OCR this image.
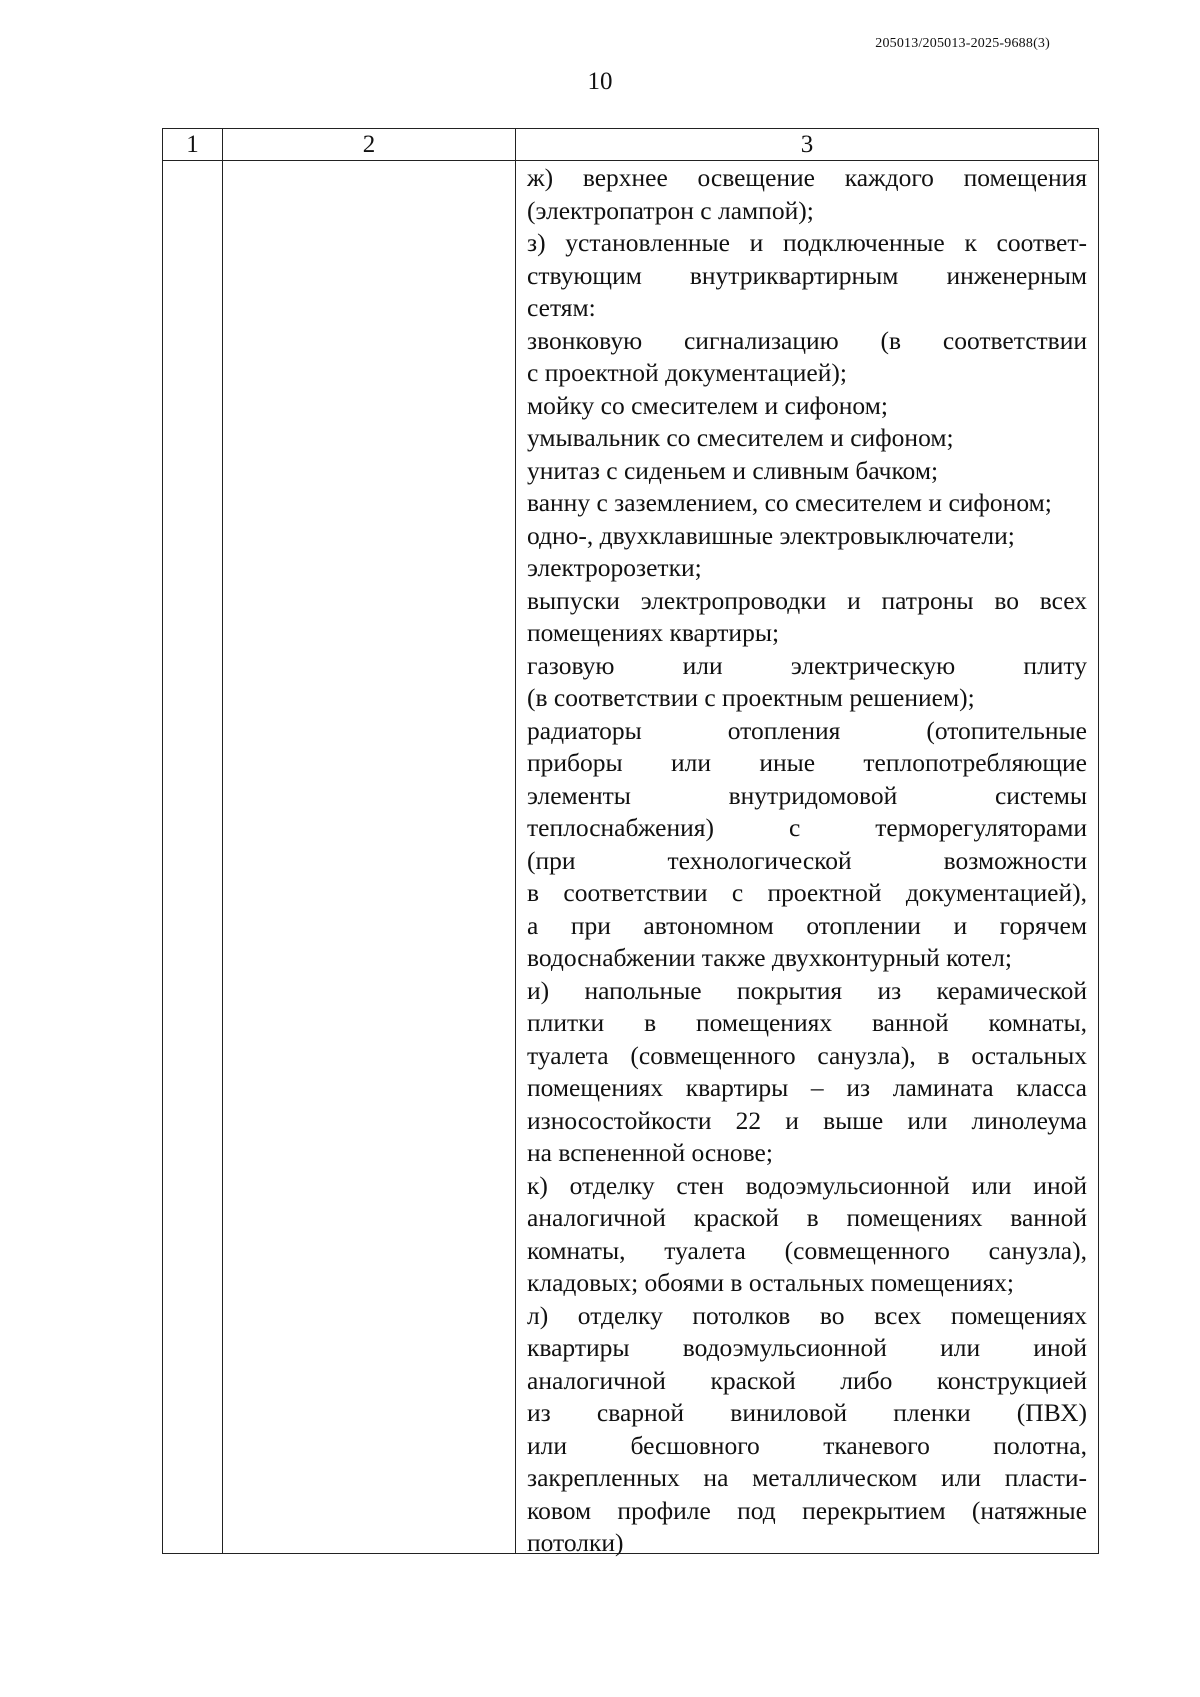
205013/205013-2025-9688(3)
10
1	2	3
ж) верхнее освещение каждого помещения
(электропатрон с лампой);
з) установленные и подключенные к соответ-
ствующим внутриквартирным инженерным
сетям:
звонковую сигнализацию (в соответствии
с проектной документацией);
мойку со смесителем и сифоном;
умывальник со смесителем и сифоном;
унитаз с сиденьем и сливным бачком;
ванну с заземлением, со смесителем и сифоном;
одно-, двухклавишные электровыключатели;
электророзетки;
выпуски электропроводки и патроны во всех
помещениях квартиры;
газовую или электрическую плиту
(в соответствии с проектным решением);
радиаторы отопления (отопительные
приборы или иные теплопотребляющие
элементы внутридомовой системы
теплоснабжения) с терморегуляторами
(при технологической возможности
в соответствии с проектной документацией),
а при автономном отоплении и горячем
водоснабжении также двухконтурный котел;
и) напольные покрытия из керамической
плитки в помещениях ванной комнаты,
туалета (совмещенного санузла), в остальных
помещениях квартиры – из ламината класса
износостойкости 22 и выше или линолеума
на вспененной основе;
к) отделку стен водоэмульсионной или иной
аналогичной краской в помещениях ванной
комнаты, туалета (совмещенного санузла),
кладовых; обоями в остальных помещениях;
л) отделку потолков во всех помещениях
квартиры водоэмульсионной или иной
аналогичной краской либо конструкцией
из сварной виниловой пленки (ПВХ)
или бесшовного тканевого полотна,
закрепленных на металлическом или пласти-
ковом профиле под перекрытием (натяжные
потолки)
